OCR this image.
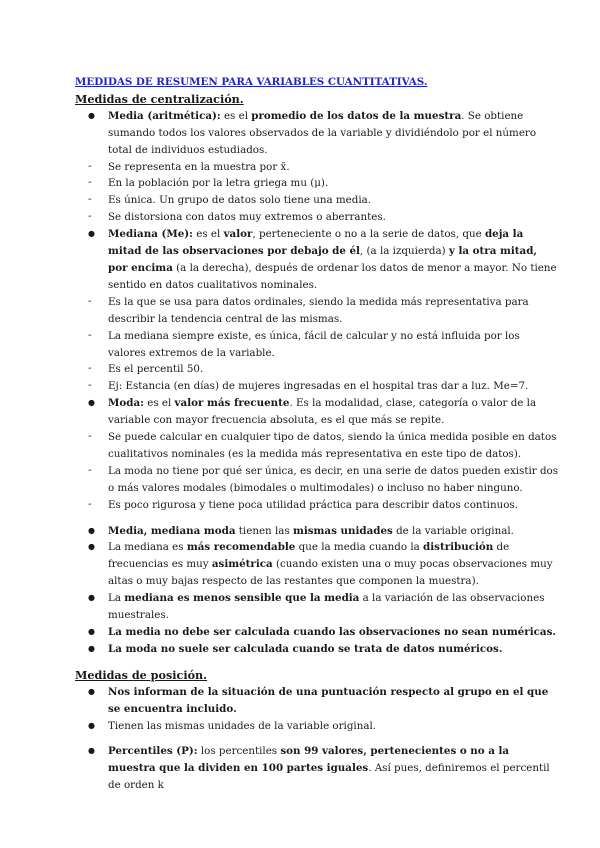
MEDIDAS DE RESUMEN PARA VARIABLES CUANTITATIVAS.
Medidas de centralización.
●	Media (aritmética): es el promedio de los datos de la muestra. Se obtiene sumando todos los valores observados de la variable y dividiéndolo por el número total de individuos estudiados.
-	Se representa en la muestra por x̄.
-	En la población por la letra griega mu (μ).
-	Es única. Un grupo de datos solo tiene una media.
-	Se distorsiona con datos muy extremos o aberrantes.
●	Mediana (Me): es el valor, perteneciente o no a la serie de datos, que deja la mitad de las observaciones por debajo de él, (a la izquierda) y la otra mitad, por encima (a la derecha), después de ordenar los datos de menor a mayor. No tiene sentido en datos cualitativos nominales.
-	Es la que se usa para datos ordinales, siendo la medida más representativa para describir la tendencia central de las mismas.
-	La mediana siempre existe, es única, fácil de calcular y no está influida por los valores extremos de la variable.
-	Es el percentil 50.
-	Ej: Estancia (en días) de mujeres ingresadas en el hospital tras dar a luz. Me=7.
●	Moda: es el valor más frecuente. Es la modalidad, clase, categoría o valor de la variable con mayor frecuencia absoluta, es el que más se repite.
-	Se puede calcular en cualquier tipo de datos, siendo la única medida posible en datos cualitativos nominales (es la medida más representativa en este tipo de datos).
-	La moda no tiene por qué ser única, es decir, en una serie de datos pueden existir dos o más valores modales (bimodales o multimodales) o incluso no haber ninguno.
-	Es poco rigurosa y tiene poca utilidad práctica para describir datos continuos.
●	Media, mediana moda tienen las mismas unidades de la variable original.
●	La mediana es más recomendable que la media cuando la distribución de frecuencias es muy asimétrica (cuando existen una o muy pocas observaciones muy altas o muy bajas respecto de las restantes que componen la muestra).
●	La mediana es menos sensible que la media a la variación de las observaciones muestrales.
●	La media no debe ser calculada cuando las observaciones no sean numéricas.
●	La moda no suele ser calculada cuando se trata de datos numéricos.
Medidas de posición.
●	Nos informan de la situación de una puntuación respecto al grupo en el que se encuentra incluido.
●	Tienen las mismas unidades de la variable original.
●	Percentiles (P): los percentiles son 99 valores, pertenecientes o no a la muestra que la dividen en 100 partes iguales. Así pues, definiremos el percentil de orden k
